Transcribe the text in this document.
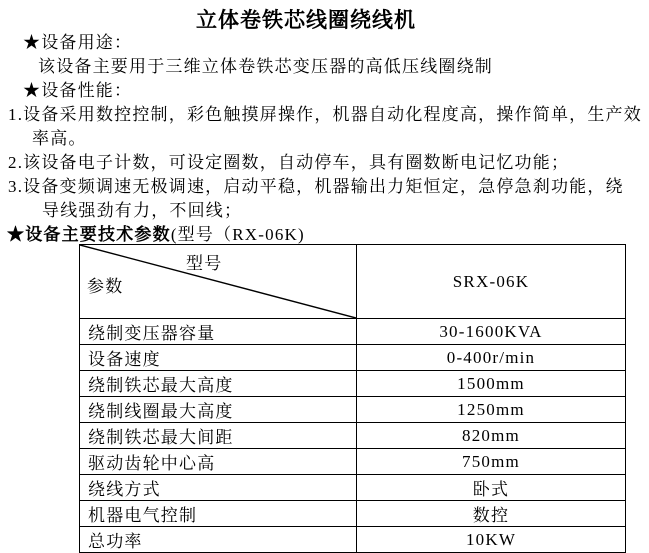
立体卷铁芯线圈绕线机
★设备用途：
该设备主要用于三维立体卷铁芯变压器的高低压线圈绕制
★设备性能：
1.设备采用数控控制，彩色触摸屏操作，机器自动化程度高，操作简单，生产效
率高。
2.该设备电子计数，可设定圈数，自动停车，具有圈数断电记忆功能；
3.设备变频调速无极调速，启动平稳，机器输出力矩恒定，急停急刹功能，绕
导线强劲有力，不回线；
★设备主要技术参数(型号（RX-06K)
型号
参数	SRX-06K
绕制变压器容量	30-1600KVA
设备速度	0-400r/min
绕制铁芯最大高度	1500mm
绕制线圈最大高度	1250mm
绕制铁芯最大间距	820mm
驱动齿轮中心高	750mm
绕线方式	卧式
机器电气控制	数控
总功率	10KW
